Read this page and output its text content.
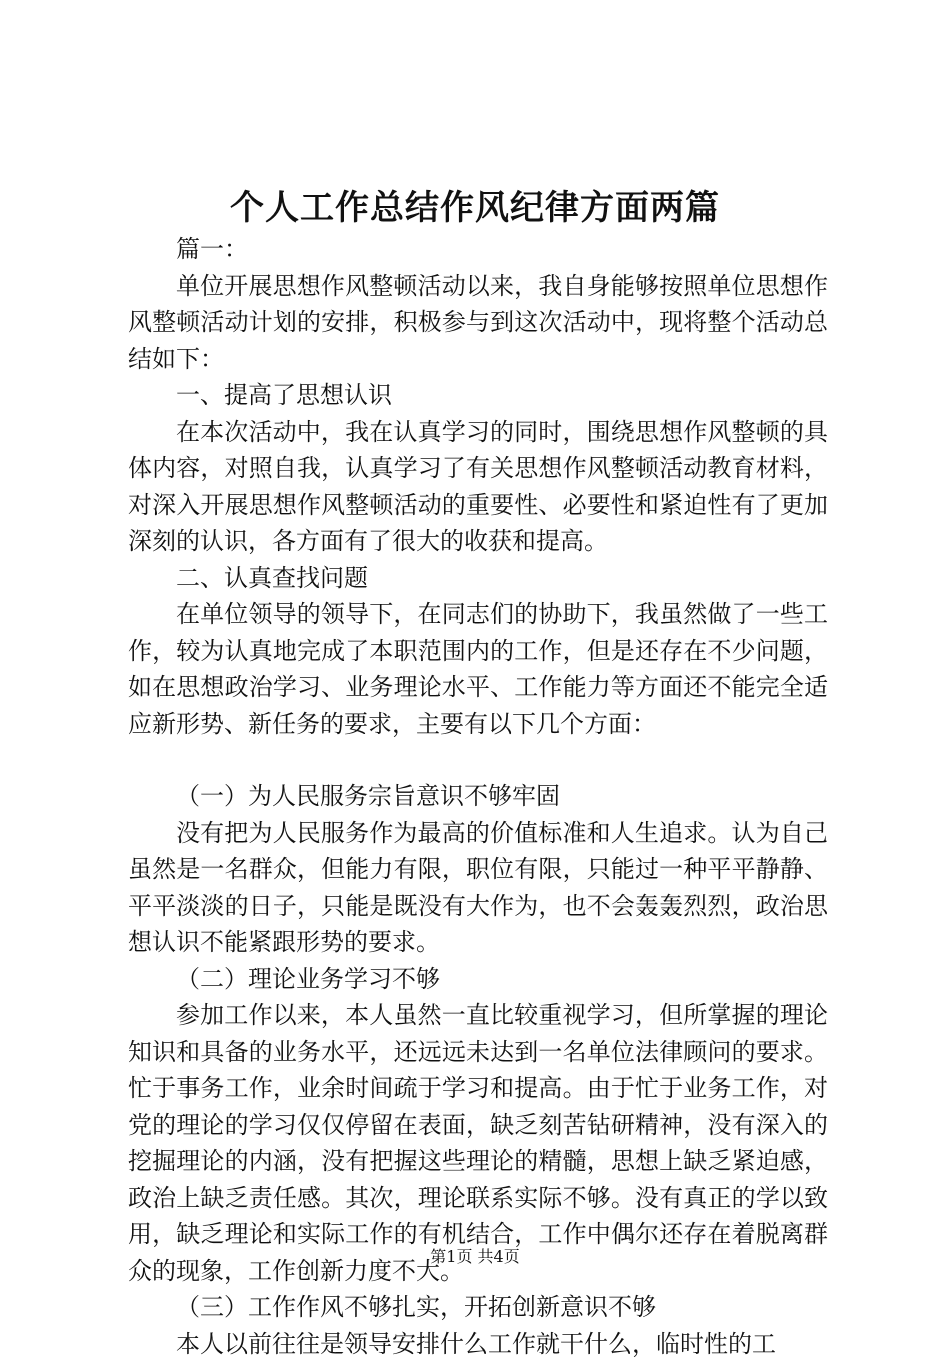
个人工作总结作风纪律方面两篇

篇一：

单位开展思想作风整顿活动以来，我自身能够按照单位思想作风整顿活动计划的安排，积极参与到这次活动中，现将整个活动总结如下：

一、提高了思想认识

在本次活动中，我在认真学习的同时，围绕思想作风整顿的具体内容，对照自我，认真学习了有关思想作风整顿活动教育材料，对深入开展思想作风整顿活动的重要性、必要性和紧迫性有了更加深刻的认识，各方面有了很大的收获和提高。

二、认真查找问题

在单位领导的领导下，在同志们的协助下，我虽然做了一些工作，较为认真地完成了本职范围内的工作，但是还存在不少问题，如在思想政治学习、业务理论水平、工作能力等方面还不能完全适应新形势、新任务的要求，主要有以下几个方面：

（一）为人民服务宗旨意识不够牢固

没有把为人民服务作为最高的价值标准和人生追求。认为自己虽然是一名群众，但能力有限，职位有限，只能过一种平平静静、平平淡淡的日子，只能是既没有大作为，也不会轰轰烈烈，政治思想认识不能紧跟形势的要求。

（二）理论业务学习不够

参加工作以来，本人虽然一直比较重视学习，但所掌握的理论知识和具备的业务水平，还远远未达到一名单位法律顾问的要求。忙于事务工作，业余时间疏于学习和提高。由于忙于业务工作，对党的理论的学习仅仅停留在表面，缺乏刻苦钻研精神，没有深入的挖掘理论的内涵，没有把握这些理论的精髓，思想上缺乏紧迫感，政治上缺乏责任感。其次，理论联系实际不够。没有真正的学以致用，缺乏理论和实际工作的有机结合，工作中偶尔还存在着脱离群众的现象，工作创新力度不大。

（三）工作作风不够扎实，开拓创新意识不够

本人以前往往是领导安排什么工作就干什么，临时性的工

第1页 共4页
